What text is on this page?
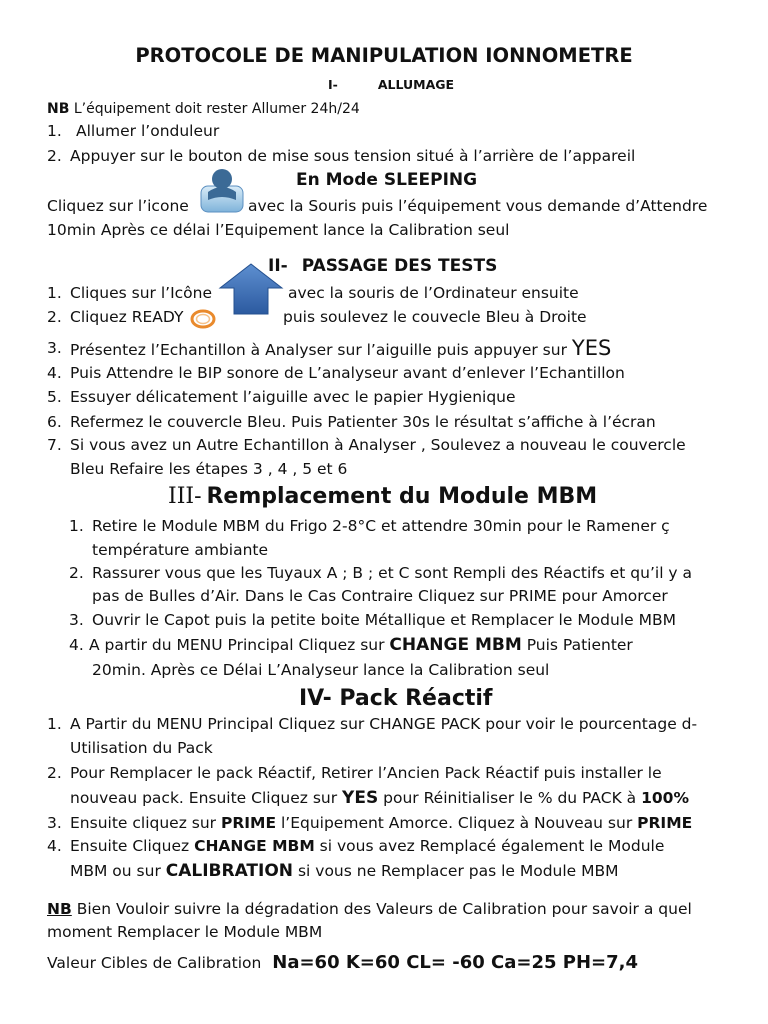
PROTOCOLE DE MANIPULATION IONNOMETRE
I-	ALLUMAGE
NB L’équipement doit rester Allumer 24h/24
1. Allumer l’onduleur
2. Appuyer sur le bouton de mise sous tension situé à l’arrière de l’appareil
En Mode SLEEPING
Cliquez sur l’icone	avec la Souris puis l’équipement vous demande d’Attendre
10min Après ce délai l’Equipement lance la Calibration seul
II- PASSAGE DES TESTS
1. Cliques sur l’Icône	avec la souris de l’Ordinateur ensuite
2. Cliquez READY	puis soulevez le couvecle Bleu à Droite
3. Présentez l’Echantillon à Analyser sur l’aiguille puis appuyer sur YES
4. Puis Attendre le BIP sonore de L’analyseur avant d’enlever l’Echantillon
5. Essuyer délicatement l’aiguille avec le papier Hygienique
6. Refermez le couvercle Bleu. Puis Patienter 30s le résultat s’affiche à l’écran
7. Si vous avez un Autre Echantillon à Analyser , Soulevez a nouveau le couvercle
Bleu Refaire les étapes 3 , 4 , 5 et 6
III- Remplacement du Module MBM
1. Retire le Module MBM du Frigo 2-8°C et attendre 30min pour le Ramener ç
température ambiante
2. Rassurer vous que les Tuyaux A ; B ; et C sont Rempli des Réactifs et qu’il y a
pas de Bulles d’Air. Dans le Cas Contraire Cliquez sur PRIME pour Amorcer
3. Ouvrir le Capot puis la petite boite Métallique et Remplacer le Module MBM
4. A partir du MENU Principal Cliquez sur CHANGE MBM Puis Patienter
20min. Après ce Délai L’Analyseur lance la Calibration seul
IV- Pack Réactif
1. A Partir du MENU Principal Cliquez sur CHANGE PACK pour voir le pourcentage d-
Utilisation du Pack
2. Pour Remplacer le pack Réactif, Retirer l’Ancien Pack Réactif puis installer le
nouveau pack. Ensuite Cliquez sur YES pour Réinitialiser le % du PACK à 100%
3. Ensuite cliquez sur PRIME l’Equipement Amorce. Cliquez à Nouveau sur PRIME
4. Ensuite Cliquez CHANGE MBM si vous avez Remplacé également le Module
MBM ou sur CALIBRATION si vous ne Remplacer pas le Module MBM
NB Bien Vouloir suivre la dégradation des Valeurs de Calibration pour savoir a quel
moment Remplacer le Module MBM
Valeur Cibles de Calibration Na=60 K=60 CL= -60 Ca=25 PH=7,4
